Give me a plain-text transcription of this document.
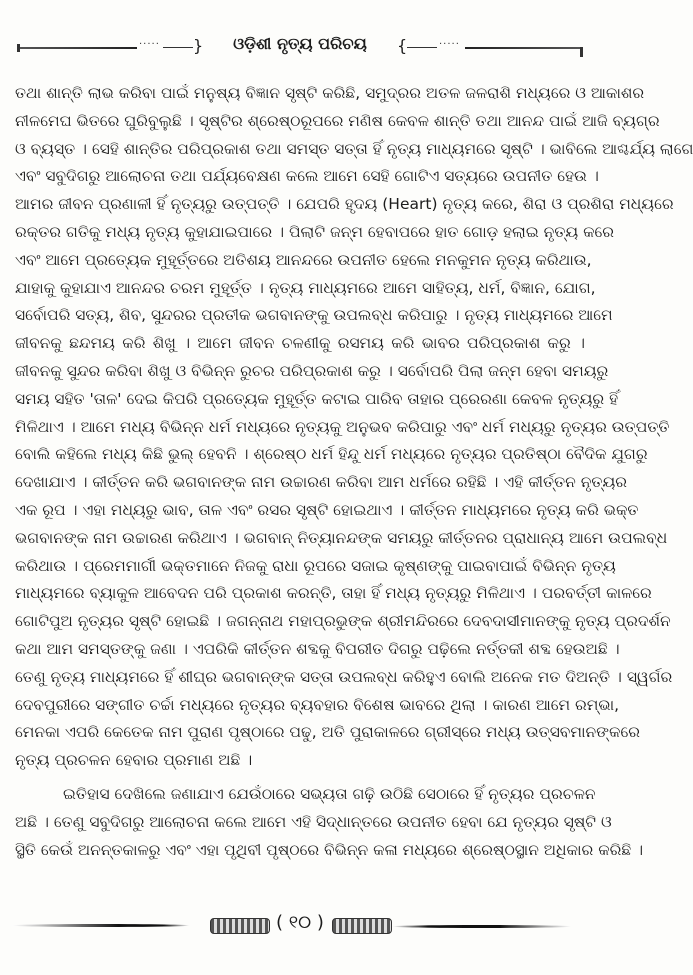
····· }	ଓଡ଼ିଶୀ ନୃତ୍ୟ ପରିଚୟ	{	·····
ତଥା ଶାନ୍ତି ଲାଭ କରିବା ପାଇଁ ମନୁଷ୍ୟ ବିଜ୍ଞାନ ସୃଷ୍ଟି କରିଛି, ସମୁଦ୍ରର ଅତଳ ଜଳରାଶି ମଧ୍ୟରେ ଓ ଆକାଶର
ନୀଳମେଘ ଭିତରେ ଘୁରିବୁଲୁଛି । ସୃଷ୍ଟିର ଶ୍ରେଷ୍ଠରୂପରେ ମଣିଷ କେବଳ ଶାନ୍ତି ତଥା ଆନନ୍ଦ ପାଇଁ ଆଜି ବ୍ୟଗ୍ର
ଓ ବ୍ୟସ୍ତ । ସେହି ଶାନ୍ତିର ପରିପ୍ରକାଶ ତଥା ସମସ୍ତ ସତ୍ତା ହିଁ ନୃତ୍ୟ ମାଧ୍ୟମରେ ସୃଷ୍ଟି । ଭାବିଲେ ଆଶ୍ଚର୍ଯ୍ୟ ଲାଗେ
ଏବଂ ସବୁଦିଗରୁ ଆଲୋଚନା ତଥା ପର୍ଯ୍ୟବେକ୍ଷଣ କଲେ ଆମେ ସେହି ଗୋଟିଏ ସତ୍ୟରେ ଉପନୀତ ହେଉ ।
ଆମର ଜୀବନ ପ୍ରଣାଳୀ ହିଁ ନୃତ୍ୟରୁ ଉତ୍ପତ୍ତି । ଯେପରି ହୃଦୟ (Heart) ନୃତ୍ୟ କରେ, ଶିରା ଓ ପ୍ରଶିରା ମଧ୍ୟରେ
ରକ୍ତର ଗତିକୁ ମଧ୍ୟ ନୃତ୍ୟ କୁହାଯାଇପାରେ । ପିଲାଟି ଜନ୍ମ ହେବାପରେ ହାତ ଗୋଡ଼ ହଲାଇ ନୃତ୍ୟ କରେ
ଏବଂ ଆମେ ପ୍ରତ୍ୟେକ ମୁହୂର୍ତ୍ତରେ ଅତିଶୟ ଆନନ୍ଦରେ ଉପନୀତ ହେଲେ ମନକୁମନ ନୃତ୍ୟ କରିଥାଉ,
ଯାହାକୁ କୁହାଯାଏ ଆନନ୍ଦର ଚରମ ମୁହୂର୍ତ୍ତ । ନୃତ୍ୟ ମାଧ୍ୟମରେ ଆମେ ସାହିତ୍ୟ, ଧର୍ମ, ବିଜ୍ଞାନ, ଯୋଗ,
ସର୍ବୋପରି ସତ୍ୟ, ଶିବ, ସୁନ୍ଦରର ପ୍ରତୀକ ଭଗବାନଙ୍କୁ ଉପଲବ୍ଧ କରିପାରୁ । ନୃତ୍ୟ ମାଧ୍ୟମରେ ଆମେ
ଜୀବନକୁ ଛନ୍ଦମୟ କରି ଶିଖୁ । ଆମେ ଜୀବନ ଚଳଣୀକୁ ରସମୟ କରି ଭାବର ପରିପ୍ରକାଶ କରୁ ।
ଜୀବନକୁ ସୁନ୍ଦର କରିବା ଶିଖୁ ଓ ବିଭିନ୍ନ ରୁଚର ପରିପ୍ରକାଶ କରୁ । ସର୍ବୋପରି ପିଲା ଜନ୍ମ ହେବା ସମୟରୁ
ସମୟ ସହିତ 'ତାଳ' ଦେଇ କିପରି ପ୍ରତ୍ୟେକ ମୁହୂର୍ତ୍ତ କଟାଇ ପାରିବ ତାହାର ପ୍ରେରଣା କେବଳ ନୃତ୍ୟରୁ ହିଁ
ମିଳିଥାଏ । ଆମେ ମଧ୍ୟ ବିଭିନ୍ନ ଧର୍ମ ମଧ୍ୟରେ ନୃତ୍ୟକୁ ଅନୁଭବ କରିପାରୁ ଏବଂ ଧର୍ମ ମଧ୍ୟରୁ ନୃତ୍ୟର ଉତ୍ପତ୍ତି
ବୋଲି କହିଲେ ମଧ୍ୟ କିଛି ଭୁଲ୍ ହେବନି । ଶ୍ରେଷ୍ଠ ଧର୍ମ ହିନ୍ଦୁ ଧର୍ମ ମଧ୍ୟରେ ନୃତ୍ୟର ପ୍ରତିଷ୍ଠା ବୈଦିକ ଯୁଗରୁ
ଦେଖାଯାଏ । କୀର୍ତ୍ତନ କରି ଭଗବାନଙ୍କ ନାମ ଉଚ୍ଚାରଣ କରିବା ଆମ ଧର୍ମରେ ରହିଛି । ଏହି କୀର୍ତ୍ତନ ନୃତ୍ୟର
ଏକ ରୂପ । ଏହା ମଧ୍ୟରୁ ଭାବ, ତାଳ ଏବଂ ରସର ସୃଷ୍ଟି ହୋଇଥାଏ । କୀର୍ତ୍ତନ ମାଧ୍ୟମରେ ନୃତ୍ୟ କରି ଭକ୍ତ
ଭଗବାନଙ୍କ ନାମ ଉଚ୍ଚାରଣ କରିଥାଏ । ଭଗବାନ୍ ନିତ୍ୟାନନ୍ଦଙ୍କ ସମୟରୁ କୀର୍ତ୍ତନର ପ୍ରାଧାନ୍ୟ ଆମେ ଉପଲବ୍ଧ
କରିଥାଉ । ପ୍ରେମମାର୍ଗୀ ଭକ୍ତମାନେ ନିଜକୁ ରାଧା ରୂପରେ ସଜାଇ କୃଷ୍ଣଙ୍କୁ ପାଇବାପାଇଁ ବିଭିନ୍ନ ନୃତ୍ୟ
ମାଧ୍ୟମରେ ବ୍ୟାକୁଳ ଆବେଦନ ପରି ପ୍ରକାଶ କରନ୍ତି, ତାହା ହିଁ ମଧ୍ୟ ନୃତ୍ୟରୁ ମିଳିଥାଏ । ପରବର୍ତ୍ତୀ କାଳରେ
ଗୋଟିପୁଅ ନୃତ୍ୟର ସୃଷ୍ଟି ହୋଇଛି । ଜଗନ୍ନାଥ ମହାପ୍ରଭୁଙ୍କ ଶ୍ରୀମନ୍ଦିରରେ ଦେବଦାସୀମାନଙ୍କୁ ନୃତ୍ୟ ପ୍ରଦର୍ଶନ
କଥା ଆମ ସମସ୍ତଙ୍କୁ ଜଣା । ଏପରିକି କୀର୍ତ୍ତନ ଶବ୍ଦକୁ ବିପରୀତ ଦିଗରୁ ପଢ଼ିଲେ ନର୍ତ୍ତକୀ ଶବ୍ଦ ହେଉଅଛି ।
ତେଣୁ ନୃତ୍ୟ ମାଧ୍ୟମରେ ହିଁ ଶୀଘ୍ର ଭଗବାନ୍‌ଙ୍କ ସତ୍ତା ଉପଲବ୍ଧ କରିହୁଏ ବୋଲି ଅନେକ ମତ ଦିଅନ୍ତି । ସ୍ୱର୍ଗର
ଦେବପୁରୀରେ ସଙ୍ଗୀତ ଚର୍ଚ୍ଚା ମଧ୍ୟରେ ନୃତ୍ୟର ବ୍ୟବହାର ବିଶେଷ ଭାବରେ ଥିଲା । କାରଣ ଆମେ ରମ୍ଭା,
ମେନକା ଏପରି କେତେକ ନାମ ପୁରାଣ ପୃଷ୍ଠାରେ ପଢୁ, ଅତି ପୁରାକାଳରେ ଗ୍ରୀସ୍‌ରେ ମଧ୍ୟ ଉତ୍ସବମାନଙ୍କରେ
ନୃତ୍ୟ ପ୍ରଚଳନ ହେବାର ପ୍ରମାଣ ଅଛି ।
ଇତିହାସ ଦେଖିଲେ ଜଣାଯାଏ ଯେଉଁଠାରେ ସଭ୍ୟତା ଗଢ଼ି ଉଠିଛି ସେଠାରେ ହିଁ ନୃତ୍ୟର ପ୍ରଚଳନ
ଅଛି । ତେଣୁ ସବୁଦିଗରୁ ଆଲୋଚନା କଲେ ଆମେ ଏହି ସିଦ୍ଧାନ୍ତରେ ଉପନୀତ ହେବା ଯେ ନୃତ୍ୟର ସୃଷ୍ଟି ଓ
ସ୍ଥିତି କେଉଁ ଅନନ୍ତକାଳରୁ ଏବଂ ଏହା ପୃଥିବୀ ପୃଷ୍ଠରେ ବିଭିନ୍ନ କଳା ମଧ୍ୟରେ ଶ୍ରେଷ୍ଠସ୍ଥାନ ଅଧିକାର କରିଛି ।
( ୧୦ )
